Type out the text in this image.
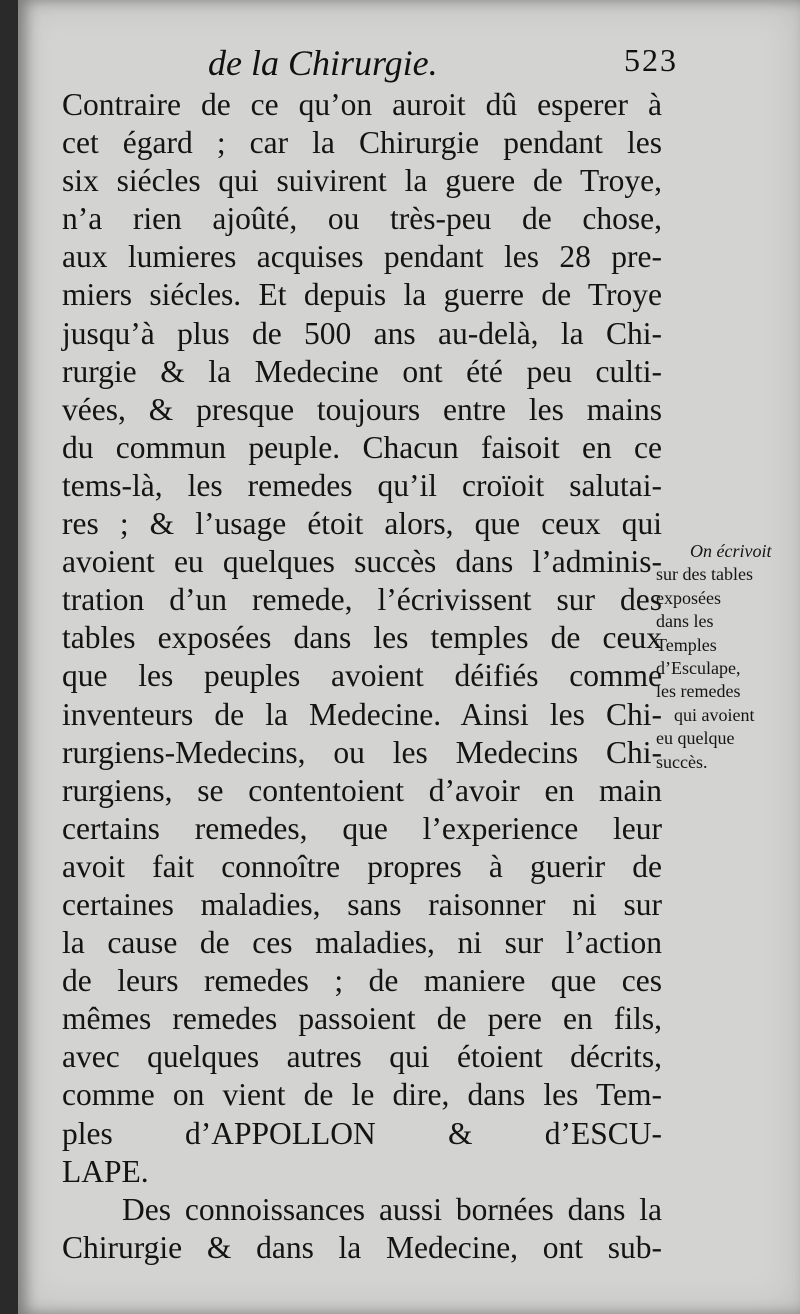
de la Chirurgie.	523
Contraire de ce qu’on auroit dû esperer à
cet égard ; car la Chirurgie pendant les
six siécles qui suivirent la guere de Troye,
n’a rien ajoûté, ou très-peu de chose,
aux lumieres acquises pendant les 28 pre-
miers siécles. Et depuis la guerre de Troye
jusqu’à plus de 500 ans au-delà, la Chi-
rurgie & la Medecine ont été peu culti-
vées, & presque toujours entre les mains
du commun peuple. Chacun faisoit en ce
tems-là, les remedes qu’il croïoit salutai-
res ; & l’usage étoit alors, que ceux qui
avoient eu quelques succès dans l’adminis-
tration d’un remede, l’écrivissent sur des
tables exposées dans les temples de ceux
que les peuples avoient déifiés comme
inventeurs de la Medecine. Ainsi les Chi-
rurgiens-Medecins, ou les Medecins Chi-
rurgiens, se contentoient d’avoir en main
certains remedes, que l’experience leur
avoit fait connoître propres à guerir de
certaines maladies, sans raisonner ni sur
la cause de ces maladies, ni sur l’action
de leurs remedes ; de maniere que ces
mêmes remedes passoient de pere en fils,
avec quelques autres qui étoient décrits,
comme on vient de le dire, dans les Tem-
ples d’APPOLLON & d’ESCU-
LAPE.
Des connoissances aussi bornées dans la
Chirurgie & dans la Medecine, ont sub-
On écrivoit
sur des tables
exposées
dans les
Temples
d’Esculape,
les remedes
qui avoient
eu quelque
succès.
